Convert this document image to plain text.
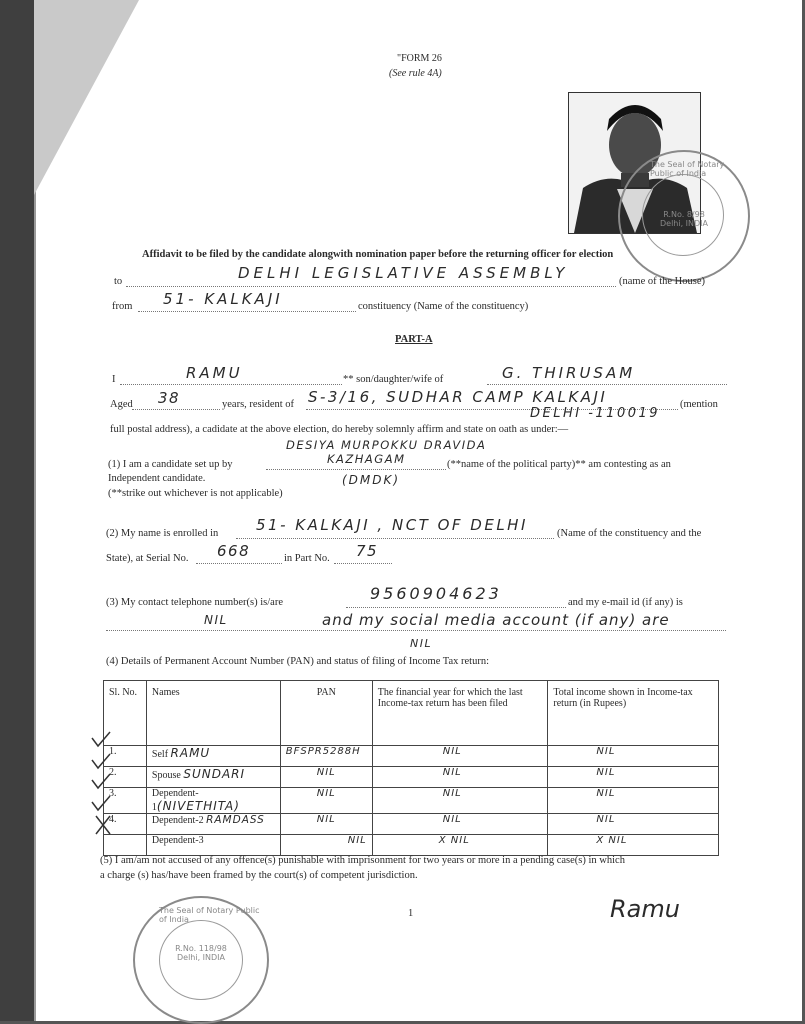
"FORM 26
(See rule 4A)
The Seal of Notary Public of India
R.No. 8/98 Delhi, INDIA
Affidavit to be filed by the candidate alongwith nomination paper before the returning officer for election
to	DELHI LEGISLATIVE ASSEMBLY	(name of the House)
from 51- KALKAJI	constituency (Name of the constituency)
PART-A
I	RAMU	** son/daughter/wife of	G. THIRUSAM
Aged 38	years, resident of S-3/16, SUDHAR CAMP KALKAJI	(mention
DELHI -110019
full postal address), a cadidate at the above election, do hereby solemnly affirm and state on oath as under:—
DESIYA MURPOKKU DRAVIDA
(1) I am a candidate set up by	KAZHAGAM	(**name of the political party)** am contesting as an
Independent candidate.	(DMDK)
(**strike out whichever is not applicable)
(2) My name is enrolled in	51- KALKAJI , NCT OF DELHI	(Name of the constituency and the
State), at Serial No. 668	in Part No. 75
(3) My contact telephone number(s) is/are	9560904623	and my e-mail id (if any) is
NIL	and my social media account (if any) are
NIL
(4) Details of Permanent Account Number (PAN) and status of filing of Income Tax return:
Sl. No.	Names	PAN	The financial year for which the last Income-tax return has been filed	Total income shown in Income-tax return (in Rupees)
1.	Self RAMU	BFSPR5288H	NIL	NIL
2.	Spouse SUNDARI	NIL	NIL	NIL
3.	Dependent-1(NIVETHITA)	NIL	NIL	NIL
4.	Dependent-2 RAMDASS	NIL	NIL	NIL
	Dependent-3	NIL	X NIL	X NIL
(5) I am/am not accused of any offence(s) punishable with imprisonment for two years or more in a pending case(s) in which
a charge (s) has/have been framed by the court(s) of competent jurisdiction.
1	Ramu
The Seal of Notary Public of India
R.No. 118/98 Delhi, INDIA
